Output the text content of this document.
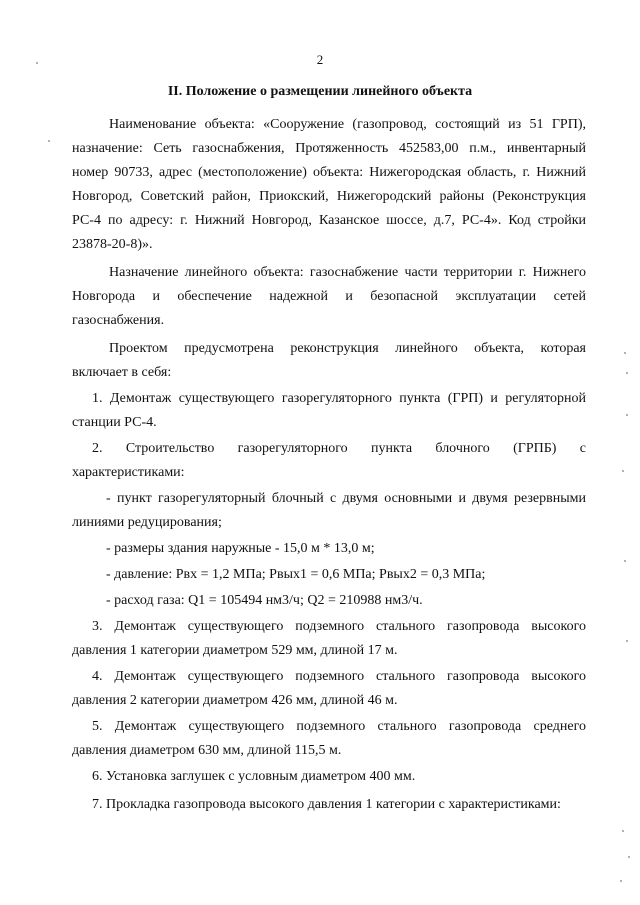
2
II. Положение о размещении линейного объекта
Наименование объекта: «Сооружение (газопровод, состоящий из 51 ГРП),
назначение: Сеть газоснабжения, Протяженность 452583,00 п.м., инвентарный
номер 90733, адрес (местоположение) объекта: Нижегородская область, г. Нижний
Новгород, Советский район, Приокский, Нижегородский районы (Реконструкция
РС-4 по адресу: г. Нижний Новгород, Казанское шоссе, д.7, РС-4». Код стройки
23878-20-8)».
Назначение линейного объекта: газоснабжение части территории г. Нижнего
Новгорода и обеспечение надежной и безопасной эксплуатации сетей
газоснабжения.
Проектом предусмотрена реконструкция линейного объекта, которая
включает в себя:
1. Демонтаж существующего газорегуляторного пункта (ГРП) и регуляторной
станции РС-4.
2. Строительство газорегуляторного пункта блочного (ГРПБ) с
характеристиками:
- пункт газорегуляторный блочный с двумя основными и двумя резервными
линиями редуцирования;
- размеры здания наружные - 15,0 м * 13,0 м;
- давление: Рвх = 1,2 МПа; Рвых1 = 0,6 МПа; Рвых2 = 0,3 МПа;
- расход газа: Q1 = 105494 нм3/ч; Q2 = 210988 нм3/ч.
3. Демонтаж существующего подземного стального газопровода высокого
давления 1 категории диаметром 529 мм, длиной 17 м.
4. Демонтаж существующего подземного стального газопровода высокого
давления 2 категории диаметром 426 мм, длиной 46 м.
5. Демонтаж существующего подземного стального газопровода среднего
давления диаметром 630 мм, длиной 115,5 м.
6. Установка заглушек с условным диаметром 400 мм.
7. Прокладка газопровода высокого давления 1 категории с характеристиками:
